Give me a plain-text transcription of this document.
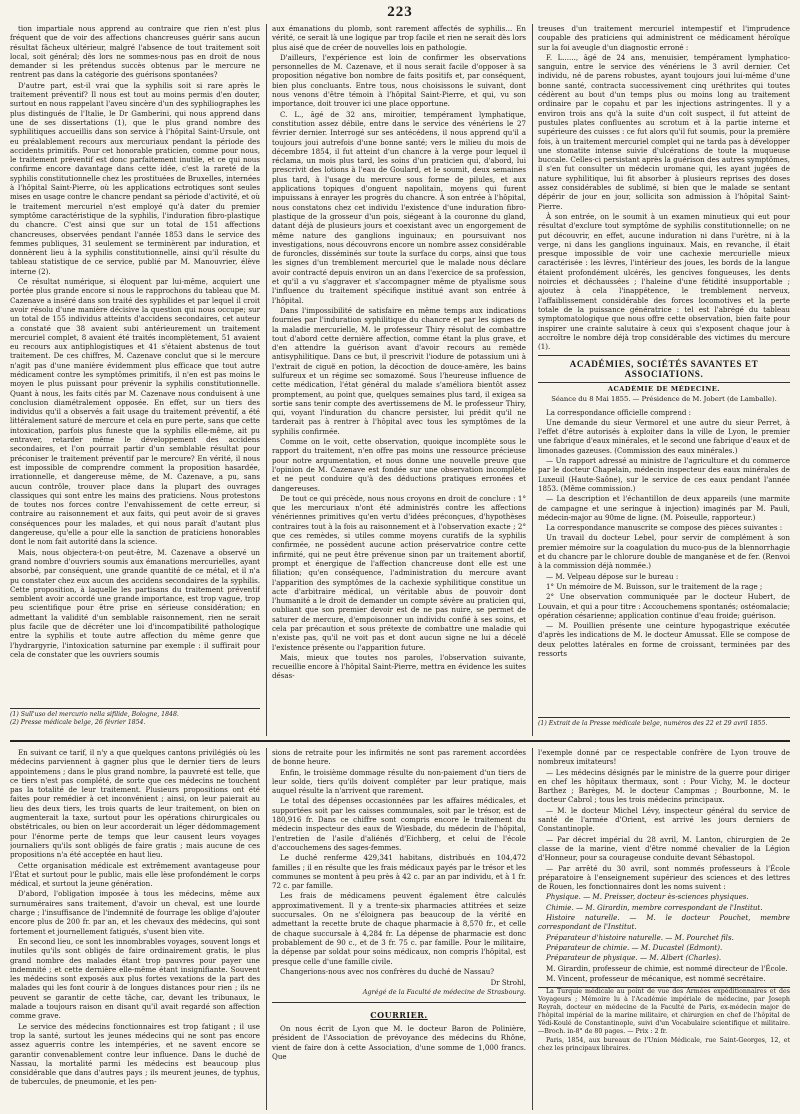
223

tion impartiale nous apprend au contraire que rien n'est plus fréquent que de voir des affections chancreuses guérir sans aucun résultat fâcheux ultérieur, malgré l'absence de tout traitement soit local, soit général; dès lors ne sommes-nous pas en droit de nous demander si les prétendus succès obtenus par le mercure ne rentrent pas dans la catégorie des guérisons spontanées?

D'autre part, est-il vrai que la syphilis soit si rare après le traitement préventif? Il nous est tout au moins permis d'en douter, surtout en nous rappelant l'aveu sincère d'un des syphiliographes les plus distingués de l'Italie, le Dr Gamberini, qui nous apprend dans une de ses dissertations (1), que le plus grand nombre des syphilitiques accueillis dans son service à l'hôpital Saint-Ursule, ont eu préalablement recours aux mercuriaux pendant la période des accidents primitifs. Pour cet honorable praticien, comme pour nous, le traitement préventif est donc parfaitement inutile, et ce qui nous confirme encore davantage dans cette idée, c'est la rareté de la syphilis constitutionnelle chez les prostituées de Bruxelles, internées à l'hôpital Saint-Pierre, où les applications ectrotiques sont seules mises en usage contre le chancre pendant sa période d'activité, et où le traitement mercuriel n'est employé qu'à dater du premier symptôme caractéristique de la syphilis, l'induration fibro-plastique du chancre. C'est ainsi que sur un total de 151 affections chancreuses, observées pendant l'année 1853 dans le service des femmes publiques, 31 seulement se terminèrent par induration, et donnèrent lieu à la syphilis constitutionnelle, ainsi qu'il résulte du tableau statistique de ce service, publié par M. Manouvrier, élève interne (2).

Ce résultat numérique, si éloquent par lui-même, acquiert une portée plus grande encore si nous le rapprochons du tableau que M. Cazenave a inséré dans son traité des syphilides et par lequel il croit avoir résolu d'une manière décisive la question qui nous occupe; sur un total de 155 individus atteints d'accidens secondaires, cet auteur a constaté que 38 avaient subi antérieurement un traitement mercuriel complet, 8 avaient été traités incomplètement, 51 avaient eu recours aux antiphlogistiques et 41 s'étaient abstenus de tout traitement. De ces chiffres, M. Cazenave conclut que si le mercure n'agit pas d'une manière évidemment plus efficace que tout autre médicament contre les symptômes primitifs, il n'en est pas moins le moyen le plus puissant pour prévenir la syphilis constitutionnelle. Quant à nous, les faits cités par M. Cazenave nous conduisent à une conclusion diamétralement opposée. En effet, sur un tiers des individus qu'il a observés a fait usage du traitement préventif, a été littéralement saturé de mercure et cela en pure perte, sans que cette intoxication, parfois plus funeste que la syphilis elle-même, ait pu entraver, retarder même le développement des accidens secondaires, et l'on pourrait partir d'un semblable résultat pour préconiser le traitement préventif par le mercure? En vérité, il nous est impossible de comprendre comment la proposition hasardée, irrationnelle, et dangereuse même, de M. Cazenave, a pu, sans aucun contrôle, trouver place dans la plupart des ouvrages classiques qui sont entre les mains des praticiens. Nous protestons de toutes nos forces contre l'envahissement de cette erreur, si contraire au raisonnement et aux faits, qui peut avoir de si graves conséquences pour les malades, et qui nous paraît d'autant plus dangereuse, qu'elle a pour elle la sanction de praticiens honorables dont le nom fait autorité dans la science.

Mais, nous objectera-t-on peut-être, M. Cazenave a observé un grand nombre d'ouvriers soumis aux émanations mercurielles, ayant absorbé, par conséquent, une grande quantité de ce métal, et il n'a pu constater chez eux aucun des accidens secondaires de la syphilis. Cette proposition, à laquelle les partisans du traitement préventif semblent avoir accordé une grande importance, est trop vague, trop peu scientifique pour être prise en sérieuse considération; en admettant la validité d'un semblable raisonnement, rien ne serait plus facile que de décréter une loi d'incompatibilité pathologique entre la syphilis et toute autre affection du même genre que l'hydrargyrie, l'intoxication saturnine par exemple : il suffirait pour cela de constater que les ouvriers soumis

(1) Sull'uso del mercurio nella sifilide, Bologne, 1848.
(2) Presse médicale belge, 26 février 1854.

aux émanations du plomb, sont rarement affectés de syphilis... En vérité, ce serait là une logique par trop facile et rien ne serait dès lors plus aisé que de créer de nouvelles lois en pathologie.

D'ailleurs, l'expérience est loin de confirmer les observations personnelles de M. Cazenave, et il nous serait facile d'opposer à sa proposition négative bon nombre de faits positifs et, par conséquent, bien plus concluants. Entre tous, nous choisissons le suivant, dont nous venons d'être témoin à l'hôpital Saint-Pierre, et qui, vu son importance, doit trouver ici une place opportune.

C. L., âgé de 32 ans, miroitier, tempérament lymphatique, constitution assez débile, entre dans le service des vénériens le 27 février dernier. Interrogé sur ses antécédens, il nous apprend qu'il a toujours joui autrefois d'une bonne santé; vers le milieu du mois de décembre 1854, il fut atteint d'un chancre à la verge pour lequel il réclama, un mois plus tard, les soins d'un praticien qui, d'abord, lui prescrivit des lotions à l'eau de Goulard, et le soumit, deux semaines plus tard, à l'usage du mercure sous forme de pilules, et aux applications topiques d'onguent napolitain, moyens qui furent impuissans à enrayer les progrès du chancre. À son entrée à l'hôpital, nous constatons chez cet individu l'existence d'une induration fibro-plastique de la grosseur d'un pois, siégeant à la couronne du gland, datant déjà de plusieurs jours et coexistant avec un engorgement de même nature des ganglions inguinaux; en poursuivant nos investigations, nous découvrons encore un nombre assez considérable de furoncles, disséminés sur toute la surface du corps, ainsi que tous les signes d'un tremblement mercuriel que le malade nous déclare avoir contracté depuis environ un an dans l'exercice de sa profession, et qu'il a vu s'aggraver et s'accompagner même de ptyalisme sous l'influence du traitement spécifique institué avant son entrée à l'hôpital.

Dans l'impossibilité de satisfaire en même temps aux indications fournies par l'induration syphilitique du chancre et par les signes de la maladie mercurielle, M. le professeur Thiry résolut de combattre tout d'abord cette dernière affection, comme étant la plus grave, et d'en attendre la guérison avant d'avoir recours au remède antisyphilitique. Dans ce but, il prescrivit l'iodure de potassium uni à l'extrait de ciguë en potion, la décoction de douce-amère, les bains sulfureux et un régime sec somazomé. Sous l'heureuse influence de cette médication, l'état général du malade s'améliora bientôt assez promptement, au point que, quelques semaines plus tard, il exigea sa sortie sans tenir compte des avertissemens de M. le professeur Thiry, qui, voyant l'induration du chancre persister, lui prédit qu'il ne tarderait pas à rentrer à l'hôpital avec tous les symptômes de la syphilis confirmée.

Comme on le voit, cette observation, quoique incomplète sous le rapport du traitement, n'en offre pas moins une ressource précieuse pour notre argumentation, et nous donne une nouvelle preuve que l'opinion de M. Cazenave est fondée sur une observation incomplète et ne peut conduire qu'à des déductions pratiques erronées et dangereuses.

De tout ce qui précède, nous nous croyons en droit de conclure : 1° que les mercuriaux n'ont été administrés contre les affections vénériennes primitives qu'en vertu d'idées préconçues, d'hypothèses contraires tout à la fois au raisonnement et à l'observation exacte ; 2° que ces remèdes, si utiles comme moyens curatifs de la syphilis confirmée, ne possèdent aucune action préservatrice contre cette infirmité, qui ne peut être prévenue sinon par un traitement abortif, prompt et énergique de l'affection chancreuse dont elle est une filiation; qu'en conséquence, l'administration du mercure avant l'apparition des symptômes de la cachexie syphilitique constitue un acte d'arbitraire médical, un véritable abus de pouvoir dont l'humanité a le droit de demander un compte sévère au praticien qui, oubliant que son premier devoir est de ne pas nuire, se permet de saturer de mercure, d'empoisonner un individu confié à ses soins, et cela par précaution et sous prétexte de combattre une maladie qui n'existe pas, qu'il ne voit pas et dont aucun signe ne lui a décelé l'existence présente ou l'apparition future.

Mais, mieux que toutes nos paroles, l'observation suivante, recueillie encore à l'hôpital Saint-Pierre, mettra en évidence les suites désas-

treuses d'un traitement mercuriel intempestif et l'imprudence coupable des praticiens qui administrent ce médicament héroïque sur la foi aveugle d'un diagnostic erroné :

F. L......, âgé de 24 ans, menuisier, tempérament lymphatico-sanguin, entre le service des vénériens le 3 avril dernier. Cet individu, né de parens robustes, ayant toujours joui lui-même d'une bonne santé, contracta successivement cinq uréthrites qui toutes cédèrent au bout d'un temps plus ou moins long au traitement ordinaire par le copahu et par les injections astringentes. Il y a environ trois ans qu'à la suite d'un coït suspect, il fut atteint de pustules plates confluentes au scrotum et à la partie interne et supérieure des cuisses : ce fut alors qu'il fut soumis, pour la première fois, à un traitement mercuriel complet qui ne tarda pas à développer une stomatite intense suivie d'ulcérations de toute la muqueuse buccale. Celles-ci persistant après la guérison des autres symptômes, il s'en fut consulter un médecin uromane qui, les ayant jugées de nature syphilitique, lui fit absorber à plusieurs reprises des doses assez considérables de sublimé, si bien que le malade se sentant dépérir de jour en jour, sollicita son admission à l'hôpital Saint-Pierre.

À son entrée, on le soumit à un examen minutieux qui eut pour résultat d'exclure tout symptôme de syphilis constitutionnelle; on ne put découvrir, en effet, aucune induration ni dans l'urètre, ni à la verge, ni dans les ganglions inguinaux. Mais, en revanche, il était presque impossible de voir une cachexie mercurielle mieux caractérisée : les lèvres, l'intérieur des joues, les bords de la langue étaient profondément ulcérés, les gencives fongueuses, les dents noircies et déchaussées ; l'haleine d'une fétidité insupportable ; ajoutez à cela l'inappétence, le tremblement nerveux, l'affaiblissement considérable des forces locomotives et la perte totale de la puissance génératrice : tel est l'abrégé du tableau symptomatologique que nous offre cette observation, bien faite pour inspirer une crainte salutaire à ceux qui s'exposent chaque jour à accroître le nombre déjà trop considérable des victimes du mercure (1).

ACADÉMIES, SOCIÉTÉS SAVANTES ET ASSOCIATIONS.
ACADÉMIE DE MÉDECINE.
Séance du 8 Mai 1855. — Présidence de M. Jobert (de Lamballe).

La correspondance officielle comprend :

Une demande du sieur Vermorel et une autre du sieur Perret, à l'effet d'être autorisés à exploiter dans la ville de Lyon, le premier une fabrique d'eaux minérales, et le second une fabrique d'eaux et de limonades gazeuses. (Commission des eaux minérales.)

— Un rapport adressé au ministre de l'agriculture et du commerce par le docteur Chapelain, médecin inspecteur des eaux minérales de Luxeuil (Haute-Saône), sur le service de ces eaux pendant l'année 1853. (Même commission.)

— La description et l'échantillon de deux appareils (une marmite de campagne et une seringue à injection) imaginés par M. Pauli, médecin-major au 90me de ligne. (M. Poiseulle, rapporteur.)

La correspondance manuscrite se compose des pièces suivantes :

Un travail du docteur Lebel, pour servir de complément à son premier mémoire sur la coagulation du muco-pus de la blennorrhagie et du chancre par le chlorure double de manganèse et de fer. (Renvoi à la commission déjà nommée.)

— M. Velpeau dépose sur le bureau :

1° Un mémoire de M. Buisson, sur le traitement de la rage ;

2° Une observation communiquée par le docteur Hubert, de Louvain, et qui a pour titre : Accouchemens spontanés; ostéomalacie; opération césarienne; application continue d'eau froide; guérison.

— M. Pouillien présente une ceinture hypogastrique exécutée d'après les indications de M. le docteur Amussat. Elle se compose de deux pelottes latérales en forme de croissant, terminées par des ressorts

(1) Extrait de la Presse médicale belge, numéros des 22 et 29 avril 1855.

En suivant ce tarif, il n'y a que quelques cantons privilégiés où les médecins parviennent à gagner plus que le dernier tiers de leurs appointemens ; dans le plus grand nombre, la pauvreté est telle, que ce tiers n'est pas complété, de sorte que ces médecins ne touchent pas la totalité de leur traitement. Plusieurs propositions ont été faites pour remédier à cet inconvénient ; ainsi, on leur paierait au lieu des deux tiers, les trois quarts de leur traitement, on bien on augmenterait la taxe, surtout pour les opérations chirurgicales ou obstétricales, ou bien on leur accorderait un léger dédommagement pour l'énorme perte de temps que leur causent leurs voyages journaliers qu'ils sont obligés de faire gratis ; mais aucune de ces propositions n'a été acceptée en haut lieu.

Cette organisation médicale est extrêmement avantageuse pour l'État et surtout pour le public, mais elle lèse profondément le corps médical, et surtout la jeune génération.

D'abord, l'obligation imposée à tous les médecins, même aux surnuméraires sans traitement, d'avoir un cheval, est une lourde charge ; l'insuffisance de l'indemnité de fourrage les oblige d'ajouter encore plus de 200 fr. par an, et les chevaux des médecins, qui sont fortement et journellement fatigués, s'usent bien vite.

En second lieu, ce sont les innombrables voyages, souvent longs et inutiles qu'ils sont obligés de faire ordinairement gratis, le plus grand nombre des malades étant trop pauvres pour payer une indemnité ; et cette dernière elle-même étant insignifiante. Souvent les médecins sont exposés aux plus fortes vexations de la part des malades qui les font courir à de longues distances pour rien ; ils ne peuvent se garantir de cette tâche, car, devant les tribunaux, le malade a toujours raison en disant qu'il avait regardé son affection comme grave.

Le service des médecins fonctionnaires est trop fatigant ; il use trop la santé, surtout les jeunes médecins qui ne sont pas encore assez aguerris contre les intempéries, et ne savent encore se garantir convenablement contre leur influence. Dans le duché de Nassau, la mortalité parmi les médecins est beaucoup plus considérable que dans d'autres pays ; ils meurent jeunes, de typhus, de tubercules, de pneumonie, et les pen-

sions de retraite pour les infirmités ne sont pas rarement accordées de bonne heure.

Enfin, le troisième dommage résulte du non-paiement d'un tiers de leur solde, tiers qu'ils doivent compléter par leur pratique, mais auquel résulte la n'arrivent que rarement.

Le total des dépenses occasionnées par les affaires médicales, et supportées soit par les caisses communales, soit par le trésor, est de 180,916 fr. Dans ce chiffre sont compris encore le traitement du médecin inspecteur des eaux de Wiesbade, du médecin de l'hôpital, l'entretien de l'asile d'aliénés d'Eichberg, et celui de l'école d'accouchemens des sages-femmes.

Le duché renferme 429,341 habitans, distribués en 104,472 familles ; il en résulte que les frais médicaux payés par le trésor et les communes se montent à peu près à 42 c. par an par individu, et à 1 fr. 72 c. par famille.

Les frais de médicamens peuvent également être calculés approximativement. Il y a trente-six pharmacies attitrées et seize succursales. On ne s'éloignera pas beaucoup de la vérité en admettant la recette brute de chaque pharmacie à 8,570 fr., et celle de chaque succursale à 4,284 fr. La dépense de pharmacie est donc probablement de 90 c., et de 3 fr. 75 c. par famille. Pour le militaire, la dépense par soldat pour soins médicaux, non compris l'hôpital, est presque celle d'une famille civile.

Changerions-nous avec nos confrères du duché de Nassau?

Dr Strohl,
Agrégé de la Faculté de médecine de Strasbourg.
COURRIER.

On nous écrit de Lyon que M. le docteur Baron de Polinière, président de l'Association de prévoyance des médecins du Rhône, vient de faire don à cette Association, d'une somme de 1,000 francs. Que

l'exemple donné par ce respectable confrère de Lyon trouve de nombreux imitateurs!

— Les médecins désignés par le ministre de la guerre pour diriger en chef les hôpitaux thermaux, sont : Pour Vichy, M. le docteur Barthez ; Barèges, M. le docteur Campmas ; Bourbonne, M. le docteur Cabrol ; tous les trois médecins principaux.

— M. le docteur Michel Lévy, inspecteur général du service de santé de l'armée d'Orient, est arrivé les jours derniers de Constantinople.

— Par décret impérial du 28 avril, M. Lanton, chirurgien de 2e classe de la marine, vient d'être nommé chevalier de la Légion d'Honneur, pour sa courageuse conduite devant Sébastopol.

— Par arrêté du 30 avril, sont nommés professeurs à l'École préparatoire à l'enseignement supérieur des sciences et des lettres de Rouen, les fonctionnaires dont les noms suivent :

Physique. — M. Preisser, docteur ès-sciences physiques.

Chimie. — M. Girardin, membre correspondant de l'Institut.

Histoire naturelle. — M. le docteur Pouchet, membre correspondant de l'Institut.

Préparateur d'histoire naturelle. — M. Pourchet fils.

Préparateur de chimie. — M. Ducastel (Edmont).

Préparateur de physique. — M. Albert (Charles).

M. Girardin, professeur de chimie, est nommé directeur de l'École.

M. Vincent, professeur de mécanique, est nommé secrétaire.

La Turquie médicale au point de vue des Armées expéditionnaires et des Voyageurs ; Mémoire lu à l'Académie impériale de médecine, par Joseph Reyrah, docteur en médecine de la Faculté de Paris, ex-médecin major de l'hôpital impérial de la marine militaire, et chirurgien en chef de l'hôpital de Yédi-Koulé de Constantinople, suivi d'un Vocabulaire scientifique et militaire.—Broch. in-8° de 80 pages. — Prix : 2 fr.

Paris, 1854, aux bureaux de l'Union Médicale, rue Saint-Georges, 12, et chez les principaux libraires.
